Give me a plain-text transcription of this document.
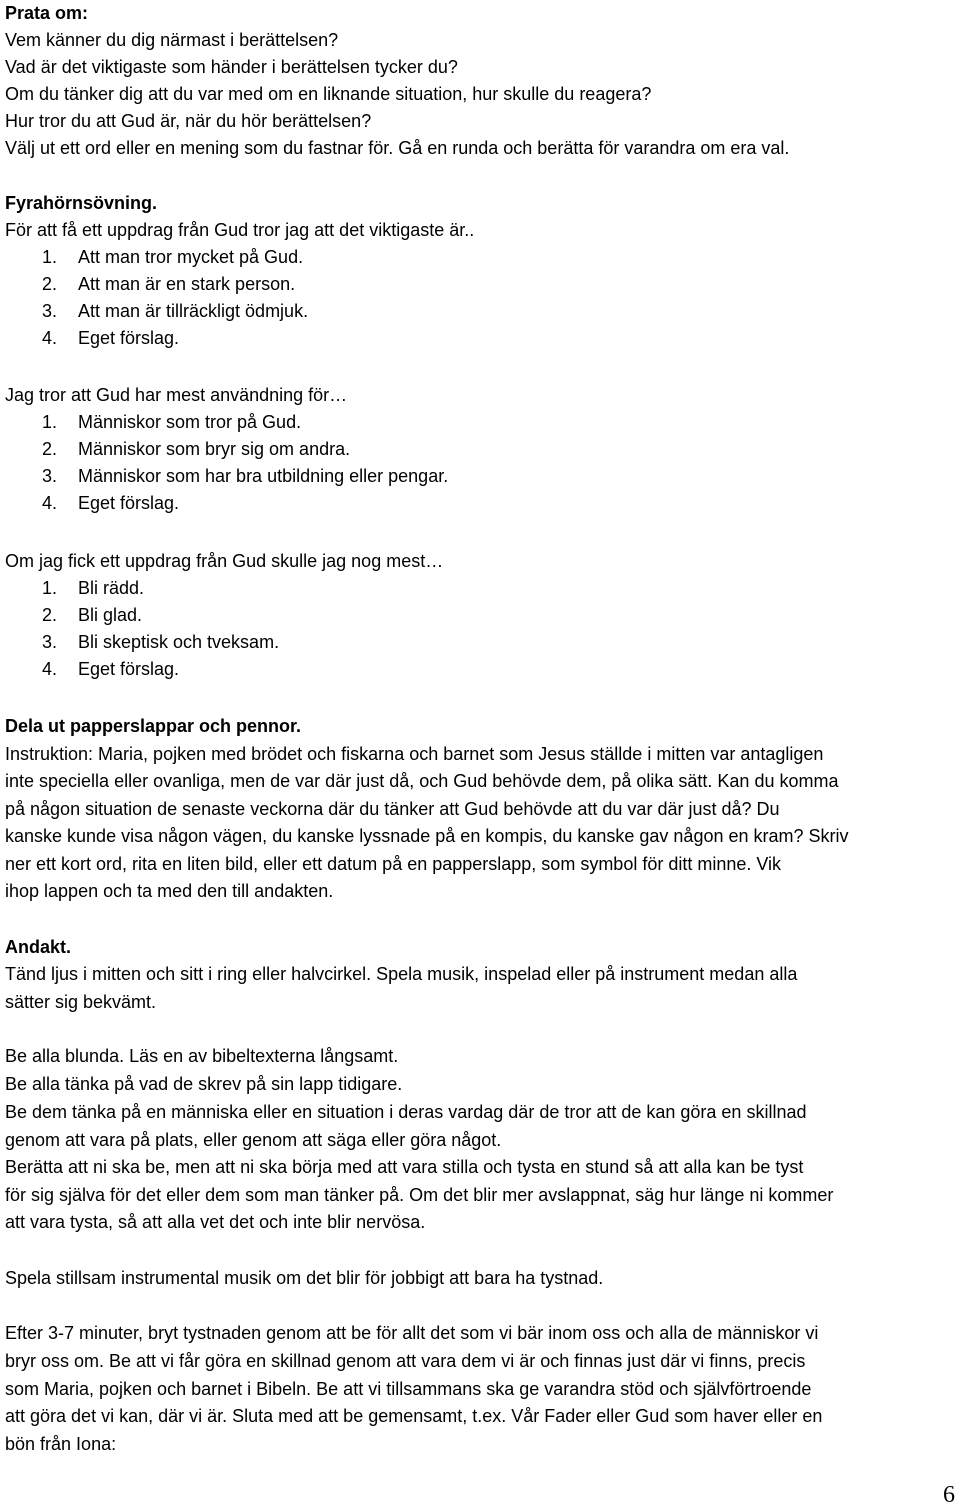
Prata om:
Vem känner du dig närmast i berättelsen?
Vad är det viktigaste som händer i berättelsen tycker du?
Om du tänker dig att du var med om en liknande situation, hur skulle du reagera?
Hur tror du att Gud är, när du hör berättelsen?
Välj ut ett ord eller en mening som du fastnar för. Gå en runda och berätta för varandra om era val.
Fyrahörnsövning.
För att få ett uppdrag från Gud tror jag att det viktigaste är..
1. Att man tror mycket på Gud.
2. Att man är en stark person.
3. Att man är tillräckligt ödmjuk.
4. Eget förslag.
Jag tror att Gud har mest användning för…
1. Människor som tror på Gud.
2. Människor som bryr sig om andra.
3. Människor som har bra utbildning eller pengar.
4. Eget förslag.
Om jag fick ett uppdrag från Gud skulle jag nog mest…
1. Bli rädd.
2. Bli glad.
3. Bli skeptisk och tveksam.
4. Eget förslag.
Dela ut papperslappar och pennor.
Instruktion: Maria, pojken med brödet och fiskarna och barnet som Jesus ställde i mitten var antagligen
inte speciella eller ovanliga, men de var där just då, och Gud behövde dem, på olika sätt. Kan du komma
på någon situation de senaste veckorna där du tänker att Gud behövde att du var där just då? Du
kanske kunde visa någon vägen, du kanske lyssnade på en kompis, du kanske gav någon en kram? Skriv
ner ett kort ord, rita en liten bild, eller ett datum på en papperslapp, som symbol för ditt minne. Vik
ihop lappen och ta med den till andakten.
Andakt.
Tänd ljus i mitten och sitt i ring eller halvcirkel. Spela musik, inspelad eller på instrument medan alla
sätter sig bekvämt.
Be alla blunda. Läs en av bibeltexterna långsamt.
Be alla tänka på vad de skrev på sin lapp tidigare.
Be dem tänka på en människa eller en situation i deras vardag där de tror att de kan göra en skillnad
genom att vara på plats, eller genom att säga eller göra något.
Berätta att ni ska be, men att ni ska börja med att vara stilla och tysta en stund så att alla kan be tyst
för sig själva för det eller dem som man tänker på. Om det blir mer avslappnat, säg hur länge ni kommer
att vara tysta, så att alla vet det och inte blir nervösa.
Spela stillsam instrumental musik om det blir för jobbigt att bara ha tystnad.
Efter 3-7 minuter, bryt tystnaden genom att be för allt det som vi bär inom oss och alla de människor vi
bryr oss om. Be att vi får göra en skillnad genom att vara dem vi är och finnas just där vi finns, precis
som Maria, pojken och barnet i Bibeln. Be att vi tillsammans ska ge varandra stöd och självförtroende
att göra det vi kan, där vi är. Sluta med att be gemensamt, t.ex. Vår Fader eller Gud som haver eller en
bön från Iona:
6
